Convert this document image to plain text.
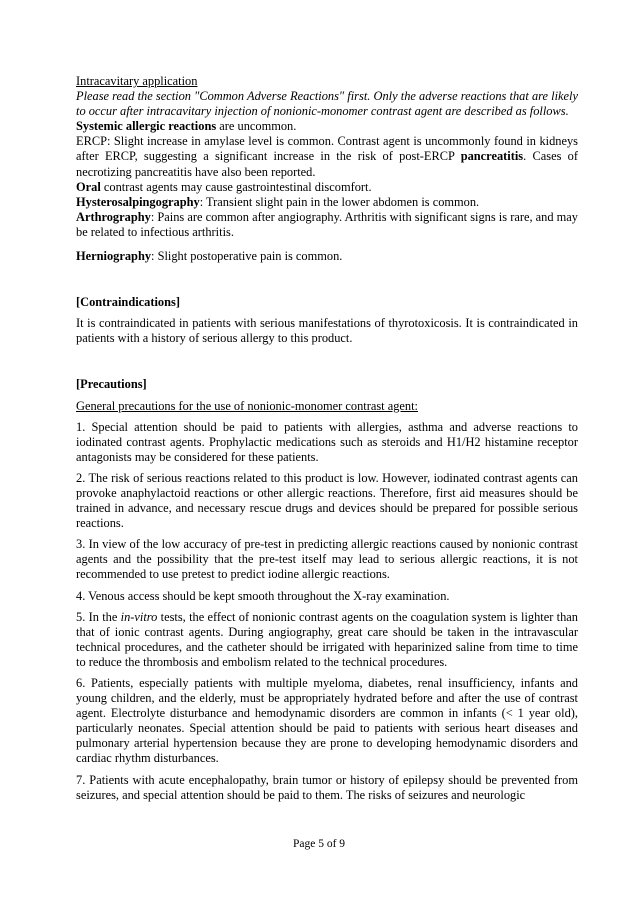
Intracavitary application

Please read the section "Common Adverse Reactions" first. Only the adverse reactions that are likely to occur after intracavitary injection of nonionic-monomer contrast agent are described as follows.

Systemic allergic reactions are uncommon.

ERCP: Slight increase in amylase level is common. Contrast agent is uncommonly found in kidneys after ERCP, suggesting a significant increase in the risk of post-ERCP pancreatitis. Cases of necrotizing pancreatitis have also been reported.

Oral contrast agents may cause gastrointestinal discomfort.

Hysterosalpingography: Transient slight pain in the lower abdomen is common.

Arthrography: Pains are common after angiography. Arthritis with significant signs is rare, and may be related to infectious arthritis.

Herniography: Slight postoperative pain is common.

[Contraindications]

It is contraindicated in patients with serious manifestations of thyrotoxicosis. It is contraindicated in patients with a history of serious allergy to this product.

[Precautions]

General precautions for the use of nonionic-monomer contrast agent:

1. Special attention should be paid to patients with allergies, asthma and adverse reactions to iodinated contrast agents. Prophylactic medications such as steroids and H1/H2 histamine receptor antagonists may be considered for these patients.

2. The risk of serious reactions related to this product is low. However, iodinated contrast agents can provoke anaphylactoid reactions or other allergic reactions. Therefore, first aid measures should be trained in advance, and necessary rescue drugs and devices should be prepared for possible serious reactions.

3. In view of the low accuracy of pre-test in predicting allergic reactions caused by nonionic contrast agents and the possibility that the pre-test itself may lead to serious allergic reactions, it is not recommended to use pretest to predict iodine allergic reactions.

4. Venous access should be kept smooth throughout the X-ray examination.

5. In the in-vitro tests, the effect of nonionic contrast agents on the coagulation system is lighter than that of ionic contrast agents. During angiography, great care should be taken in the intravascular technical procedures, and the catheter should be irrigated with heparinized saline from time to time to reduce the thrombosis and embolism related to the technical procedures.

6. Patients, especially patients with multiple myeloma, diabetes, renal insufficiency, infants and young children, and the elderly, must be appropriately hydrated before and after the use of contrast agent. Electrolyte disturbance and hemodynamic disorders are common in infants (< 1 year old), particularly neonates. Special attention should be paid to patients with serious heart diseases and pulmonary arterial hypertension because they are prone to developing hemodynamic disorders and cardiac rhythm disturbances.

7. Patients with acute encephalopathy, brain tumor or history of epilepsy should be prevented from seizures, and special attention should be paid to them. The risks of seizures and neurologic

Page 5 of 9
